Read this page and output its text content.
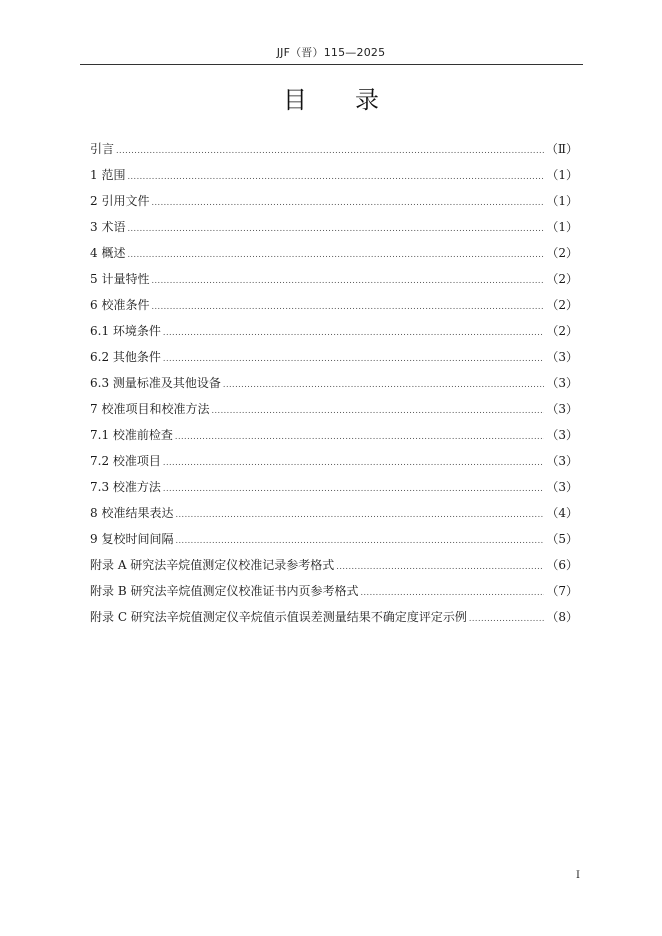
JJF（晋）115—2025
目录
引言 .....	（Ⅱ）
1 范围 .....	（1）
2 引用文件 .....	（1）
3 术语 .....	（1）
4 概述 .....	（2）
5 计量特性 .....	（2）
6 校准条件 .....	（2）
6.1 环境条件 .....	（2）
6.2 其他条件 .....	（3）
6.3 测量标准及其他设备 .....	（3）
7 校准项目和校准方法 .....	（3）
7.1 校准前检查 .....	（3）
7.2 校准项目 .....	（3）
7.3 校准方法 .....	（3）
8 校准结果表达 .....	（4）
9 复校时间间隔 .....	（5）
附录 A 研究法辛烷值测定仪校准记录参考格式 .....	（6）
附录 B 研究法辛烷值测定仪校准证书内页参考格式 .....	（7）
附录 C 研究法辛烷值测定仪辛烷值示值误差测量结果不确定度评定示例 .....	（8）
I
